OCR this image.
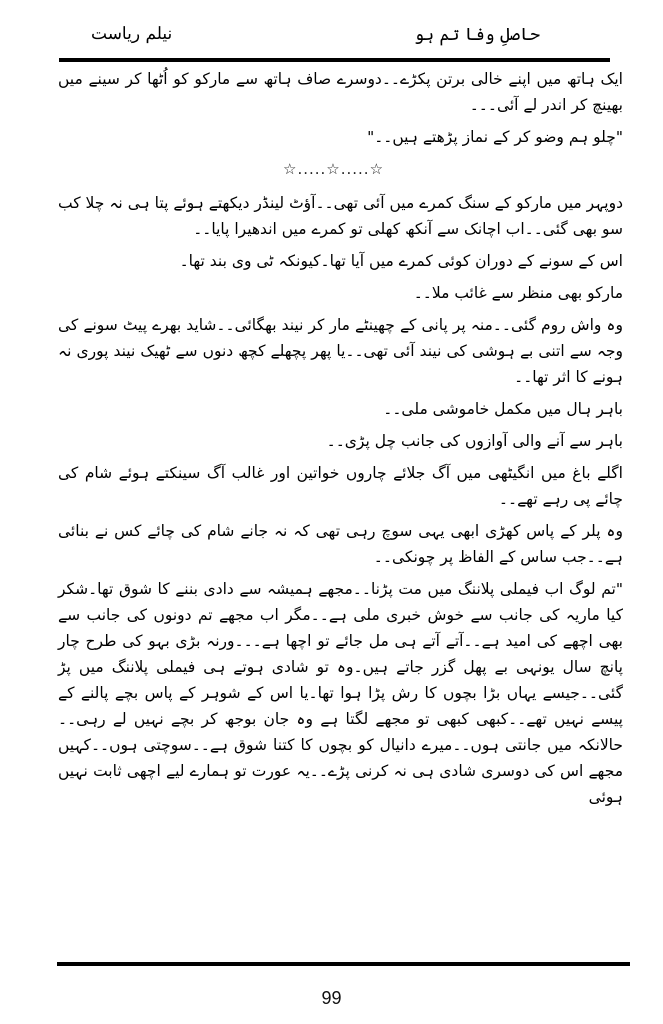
حاصلِ وفا تم ہو
نیلم ریاست

ایک ہاتھ میں اپنے خالی برتن پکڑے۔۔دوسرے صاف ہاتھ سے مارکو کو اُٹھا کر سینے میں بھینچ کر اندر لے آئی۔۔۔

"چلو ہم وضو کر کے نماز پڑھتے ہیں۔۔"

☆.....☆.....☆

دوپہر میں مارکو کے سنگ کمرے میں آئی تھی۔۔آؤٹ لینڈر دیکھتے ہوئے پتا ہی نہ چلا کب سو بھی گئی۔۔اب اچانک سے آنکھ کھلی تو کمرے میں اندھیرا پایا۔۔

اس کے سونے کے دوران کوئی کمرے میں آیا تھا۔کیونکہ ٹی وی بند تھا۔

مارکو بھی منظر سے غائب ملا۔۔

وہ واش روم گئی۔۔منہ پر پانی کے چھینٹے مار کر نیند بھگائی۔۔شاید بھرے پیٹ سونے کی وجہ سے اتنی بے ہوشی کی نیند آئی تھی۔۔یا پھر پچھلے کچھ دنوں سے ٹھیک نیند پوری نہ ہونے کا اثر تھا۔۔

باہر ہال میں مکمل خاموشی ملی۔۔

باہر سے آنے والی آوازوں کی جانب چل پڑی۔۔

اگلے باغ میں انگیٹھی میں آگ جلائے چاروں خواتین اور غالب آگ سینکتے ہوئے شام کی چائے پی رہے تھے۔۔

وہ پلر کے پاس کھڑی ابھی یہی سوچ رہی تھی کہ نہ جانے شام کی چائے کس نے بنائی ہے۔۔جب ساس کے الفاظ پر چونکی۔۔

"تم لوگ اب فیملی پلاننگ میں مت پڑنا۔۔مجھے ہمیشہ سے دادی بننے کا شوق تھا۔شکر کیا ماریہ کی جانب سے خوش خبری ملی ہے۔۔مگر اب مجھے تم دونوں کی جانب سے بھی اچھے کی امید ہے۔۔آتے آتے ہی مل جائے تو اچھا ہے۔۔۔ورنہ بڑی بہو کی طرح چار پانچ سال یونہی بے پھل گزر جاتے ہیں۔وہ تو شادی ہوتے ہی فیملی پلاننگ میں پڑ گئی۔۔جیسے یہاں بڑا بچوں کا رش پڑا ہوا تھا۔یا اس کے شوہر کے پاس بچے پالنے کے پیسے نہیں تھے۔۔کبھی کبھی تو مجھے لگتا ہے وہ جان بوجھ کر بچے نہیں لے رہی۔۔حالانکہ میں جانتی ہوں۔۔میرے دانیال کو بچوں کا کتنا شوق ہے۔۔سوچتی ہوں۔۔کہیں مجھے اس کی دوسری شادی ہی نہ کرنی پڑے۔۔یہ عورت تو ہمارے لیے اچھی ثابت نہیں ہوئی

99
